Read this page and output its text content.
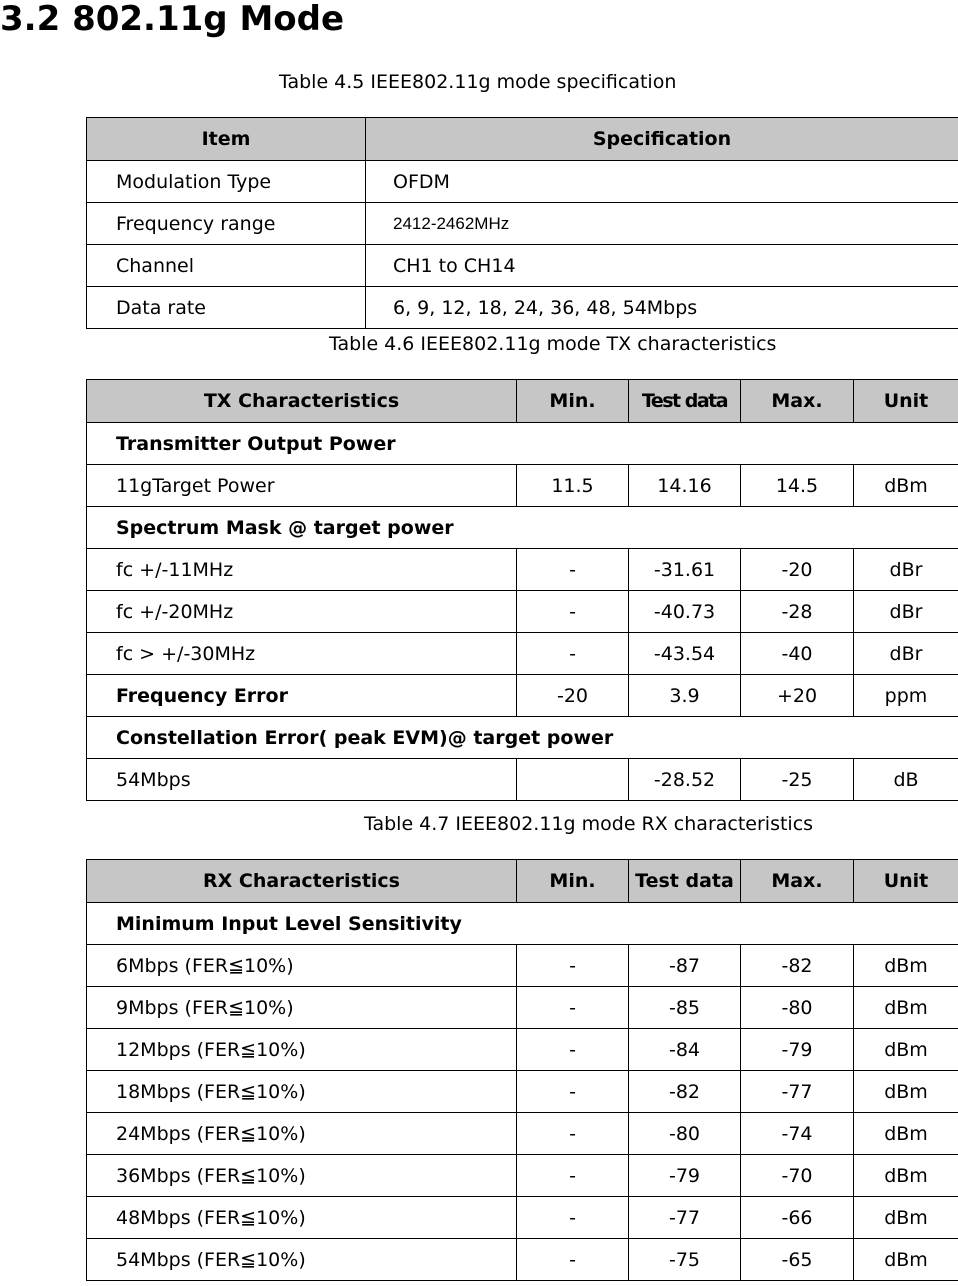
3.2 802.11g Mode
Table 4.5 IEEE802.11g mode specification
Item	Specification
Modulation Type	OFDM
Frequency range	2412-2462MHz
Channel	CH1 to CH14
Data rate	6, 9, 12, 18, 24, 36, 48, 54Mbps
Table 4.6 IEEE802.11g mode TX characteristics
TX Characteristics	Min.	Test data	Max.	Unit
Transmitter Output Power				
11gTarget Power	11.5	14.16	14.5	dBm
Spectrum Mask @ target power				
fc +/-11MHz	-	-31.61	-20	dBr
fc +/-20MHz	-	-40.73	-28	dBr
fc > +/-30MHz	-	-43.54	-40	dBr
Frequency Error	-20	3.9	+20	ppm
Constellation Error( peak EVM)@ target power				
54Mbps		-28.52	-25	dB
Table 4.7 IEEE802.11g mode RX characteristics
RX Characteristics	Min.	Test data	Max.	Unit
Minimum Input Level Sensitivity				
6Mbps (FER≦10%)	-	-87	-82	dBm
9Mbps (FER≦10%)	-	-85	-80	dBm
12Mbps (FER≦10%)	-	-84	-79	dBm
18Mbps (FER≦10%)	-	-82	-77	dBm
24Mbps (FER≦10%)	-	-80	-74	dBm
36Mbps (FER≦10%)	-	-79	-70	dBm
48Mbps (FER≦10%)	-	-77	-66	dBm
54Mbps (FER≦10%)	-	-75	-65	dBm
